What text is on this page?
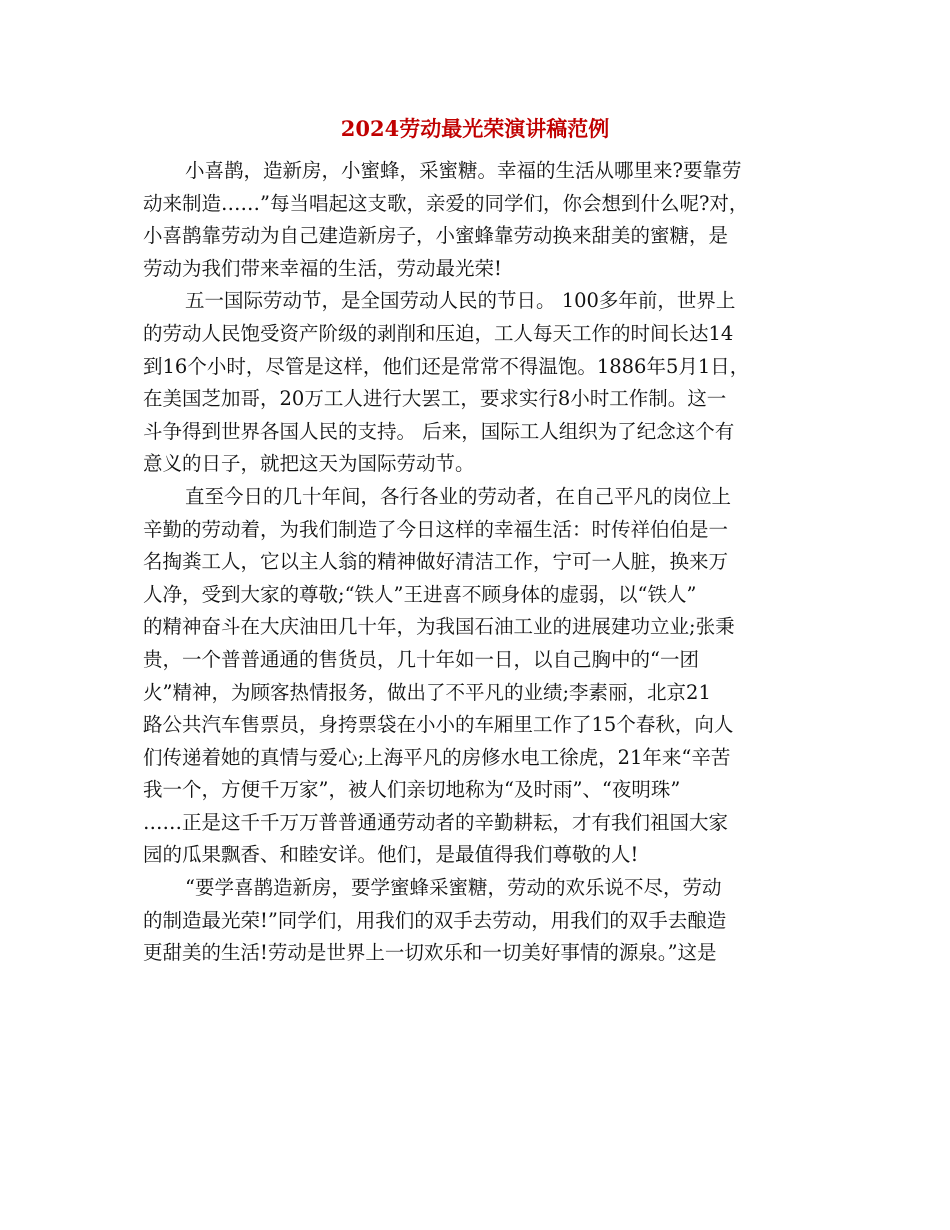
2024劳动最光荣演讲稿范例
小喜鹊，造新房，小蜜蜂，采蜜糖。幸福的生活从哪里来?要靠劳
动来制造……”每当唱起这支歌，亲爱的同学们，你会想到什么呢?对，
小喜鹊靠劳动为自己建造新房子，小蜜蜂靠劳动换来甜美的蜜糖，是
劳动为我们带来幸福的生活，劳动最光荣!
五一国际劳动节，是全国劳动人民的节日。 100多年前，世界上
的劳动人民饱受资产阶级的剥削和压迫，工人每天工作的时间长达14
到16个小时，尽管是这样，他们还是常常不得温饱。1886年5月1日，
在美国芝加哥，20万工人进行大罢工，要求实行8小时工作制。这一
斗争得到世界各国人民的支持。 后来，国际工人组织为了纪念这个有
意义的日子，就把这天为国际劳动节。
直至今日的几十年间，各行各业的劳动者，在自己平凡的岗位上
辛勤的劳动着，为我们制造了今日这样的幸福生活：时传祥伯伯是一
名掏粪工人，它以主人翁的精神做好清洁工作，宁可一人脏，换来万
人净，受到大家的尊敬;“铁人”王进喜不顾身体的虚弱，以“铁人”
的精神奋斗在大庆油田几十年，为我国石油工业的进展建功立业;张秉
贵，一个普普通通的售货员，几十年如一日，以自己胸中的“一团
火”精神，为顾客热情报务，做出了不平凡的业绩;李素丽，北京21
路公共汽车售票员，身挎票袋在小小的车厢里工作了15个春秋，向人
们传递着她的真情与爱心;上海平凡的房修水电工徐虎，21年来“辛苦
我一个，方便千万家”，被人们亲切地称为“及时雨”、“夜明珠”
……正是这千千万万普普通通劳动者的辛勤耕耘，才有我们祖国大家
园的瓜果飘香、和睦安详。他们，是最值得我们尊敬的人!
“要学喜鹊造新房，要学蜜蜂采蜜糖，劳动的欢乐说不尽，劳动
的制造最光荣!”同学们，用我们的双手去劳动，用我们的双手去酿造
更甜美的生活!劳动是世界上一切欢乐和一切美好事情的源泉。”这是
